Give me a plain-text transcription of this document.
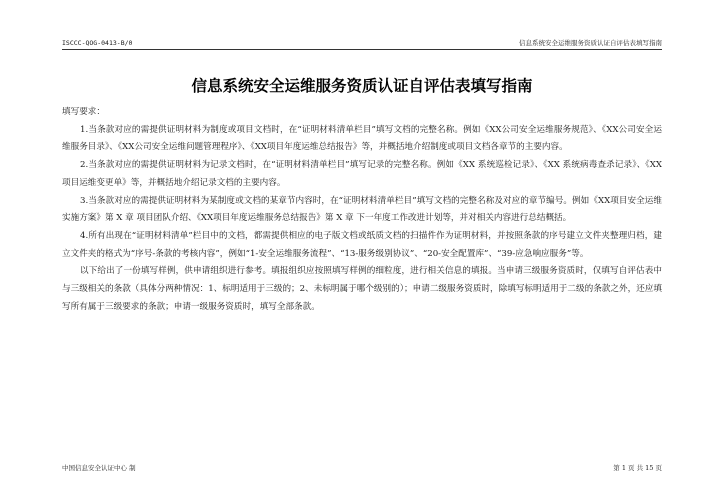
ISCCC-QOG-0413-B/0	信息系统安全运维服务资质认证自评估表填写指南
信息系统安全运维服务资质认证自评估表填写指南

填写要求：

1.当条款对应的需提供证明材料为制度或项目文档时，在“证明材料清单栏目”填写文档的完整名称。例如《XX公司安全运维服务规范》、《XX公司安全运维服务目录》、《XX公司安全运维问题管理程序》、《XX项目年度运维总结报告》等，并概括地介绍制度或项目文档各章节的主要内容。

2.当条款对应的需提供证明材料为记录文档时，在“证明材料清单栏目”填写记录的完整名称。例如《XX 系统巡检记录》、《XX 系统病毒查杀记录》、《XX项目运维变更单》等，并概括地介绍记录文档的主要内容。

3.当条款对应的需提供证明材料为某制度或文档的某章节内容时，在“证明材料清单栏目”填写文档的完整名称及对应的章节编号。例如《XX项目安全运维实施方案》第 X 章 项目团队介绍、《XX项目年度运维服务总结报告》第 X 章 下一年度工作改进计划等，并对相关内容进行总结概括。

4.所有出现在“证明材料清单”栏目中的文档，都需提供相应的电子版文档或纸质文档的扫描件作为证明材料，并按照条款的序号建立文件夹整理归档，建立文件夹的格式为“序号-条款的考核内容”，例如“1-安全运维服务流程”、“13-服务级别协议”、“20-安全配置库”、“39-应急响应服务”等。

以下给出了一份填写样例，供申请组织进行参考。填报组织应按照填写样例的细粒度，进行相关信息的填报。当申请三级服务资质时，仅填写自评估表中与三级相关的条款（具体分两种情况：1、标明适用于三级的；2、未标明属于哪个级别的）；申请二级服务资质时，除填写标明适用于二级的条款之外，还应填写所有属于三级要求的条款；申请一级服务资质时，填写全部条款。

中国信息安全认证中心 制	第 1 页 共 15 页
